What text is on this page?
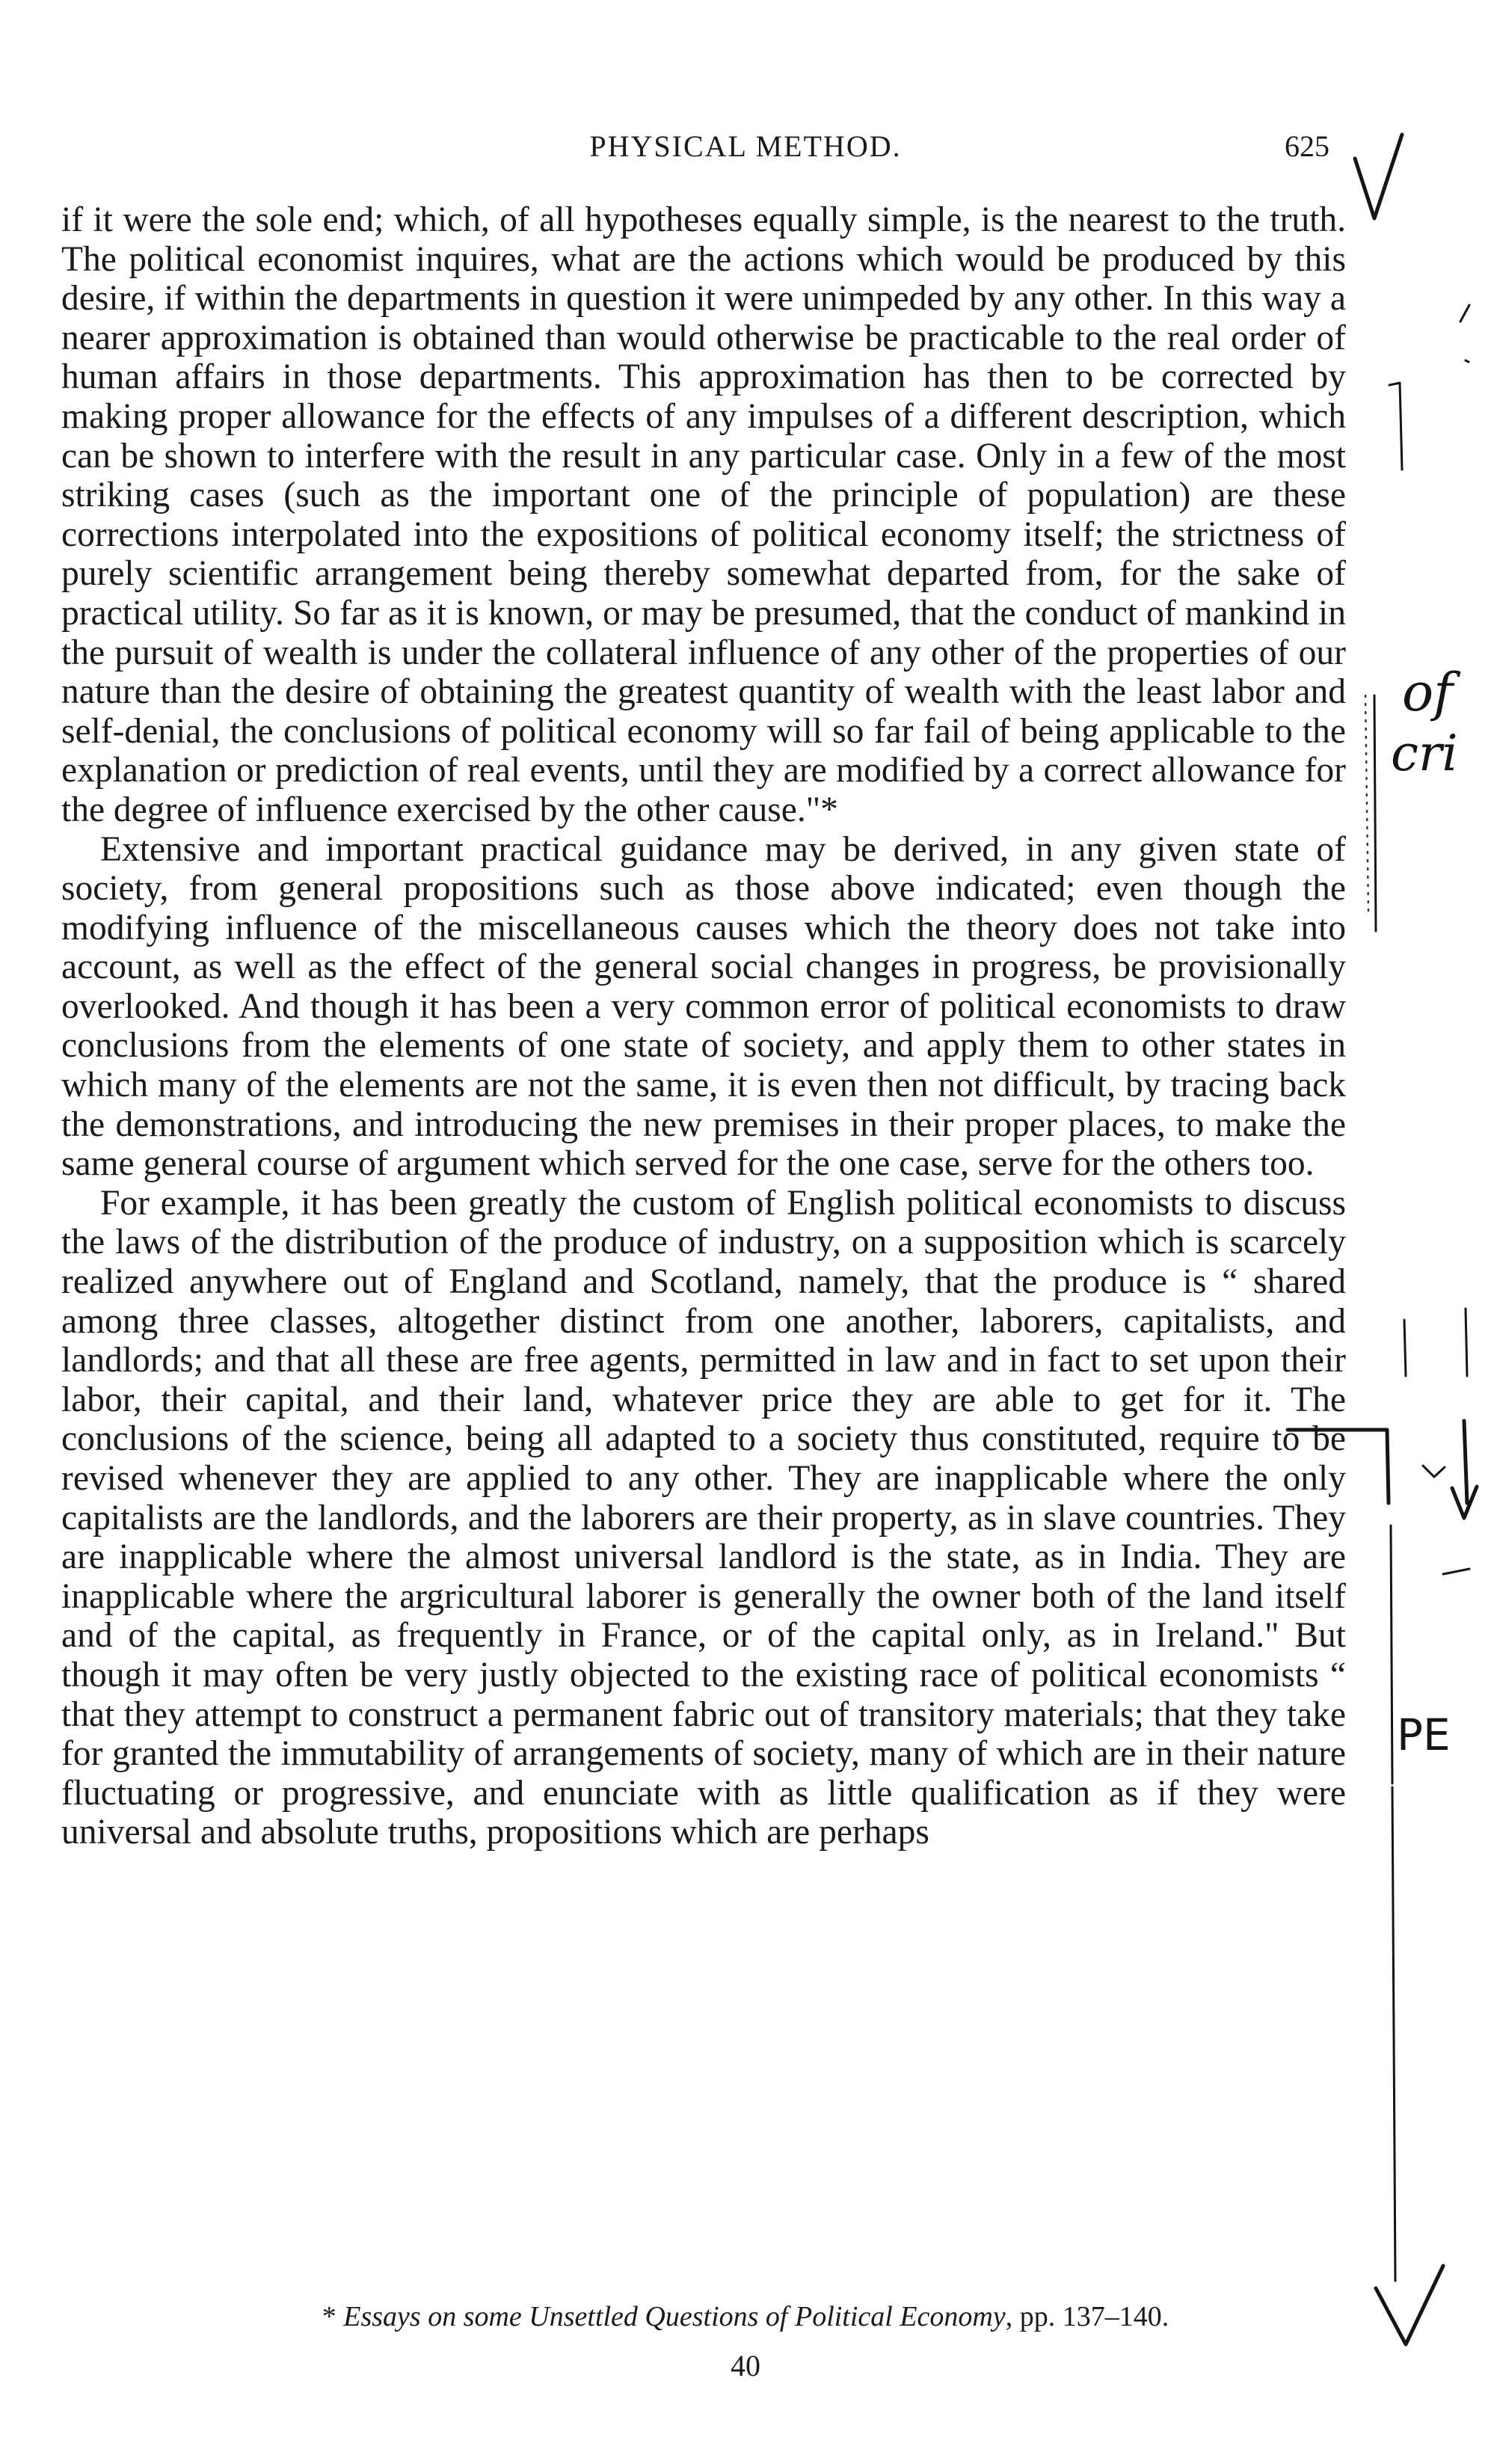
PHYSICAL METHOD.	625

if it were the sole end; which, of all hypotheses equally simple, is the nearest to the truth. The political economist inquires, what are the actions which would be produced by this desire, if within the departments in question it were unimpeded by any other. In this way a nearer approximation is obtained than would otherwise be practicable to the real order of human affairs in those departments. This approximation has then to be corrected by making proper allowance for the effects of any impulses of a different description, which can be shown to interfere with the result in any particular case. Only in a few of the most striking cases (such as the important one of the principle of population) are these corrections interpolated into the expositions of political economy itself; the strictness of purely scientific arrangement being thereby somewhat departed from, for the sake of practical utility. So far as it is known, or may be presumed, that the conduct of mankind in the pursuit of wealth is under the collateral influence of any other of the properties of our nature than the desire of obtaining the greatest quantity of wealth with the least labor and self-denial, the conclusions of political economy will so far fail of being applicable to the explanation or prediction of real events, until they are modified by a correct allowance for the degree of influence exercised by the other cause."*

Extensive and important practical guidance may be derived, in any given state of society, from general propositions such as those above indicated; even though the modifying influence of the miscellaneous causes which the theory does not take into account, as well as the effect of the general social changes in progress, be provisionally overlooked. And though it has been a very common error of political economists to draw conclusions from the elements of one state of society, and apply them to other states in which many of the elements are not the same, it is even then not difficult, by tracing back the demonstrations, and introducing the new premises in their proper places, to make the same general course of argument which served for the one case, serve for the others too.

For example, it has been greatly the custom of English political economists to discuss the laws of the distribution of the produce of industry, on a supposition which is scarcely realized anywhere out of England and Scotland, namely, that the produce is “ shared among three classes, altogether distinct from one another, laborers, capitalists, and landlords; and that all these are free agents, permitted in law and in fact to set upon their labor, their capital, and their land, whatever price they are able to get for it. The conclusions of the science, being all adapted to a society thus constituted, require to be revised whenever they are applied to any other. They are inapplicable where the only capitalists are the landlords, and the laborers are their property, as in slave countries. They are inapplicable where the almost universal landlord is the state, as in India. They are inapplicable where the argricultural laborer is generally the owner both of the land itself and of the capital, as frequently in France, or of the capital only, as in Ireland." But though it may often be very justly objected to the existing race of political economists “ that they attempt to construct a permanent fabric out of transitory materials; that they take for granted the immutability of arrangements of society, many of which are in their nature fluctuating or progressive, and enunciate with as little qualification as if they were universal and absolute truths, propositions which are perhaps

* Essays on some Unsettled Questions of Political Economy, pp. 137–140.
40
of
cri
PE
